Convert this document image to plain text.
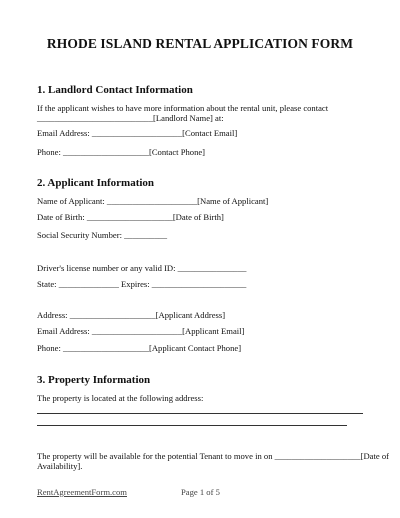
RHODE ISLAND RENTAL APPLICATION FORM
1. Landlord Contact Information
If the applicant wishes to have more information about the rental unit, please contact
___________________________[Landlord Name] at:
Email Address: _____________________[Contact Email]
Phone: ____________________[Contact Phone]
2. Applicant Information
Name of Applicant: _____________________[Name of Applicant]
Date of Birth: ____________________[Date of Birth]
Social Security Number: __________
Driver's license number or any valid ID: ________________
State: ______________ Expires: ______________________
Address: ____________________[Applicant Address]
Email Address: _____________________[Applicant Email]
Phone: ____________________[Applicant Contact Phone]
3. Property Information
The property is located at the following address:
The property will be available for the potential Tenant to move in on ____________________[Date of
Availability].
RentAgreementForm.com	Page 1 of 5
